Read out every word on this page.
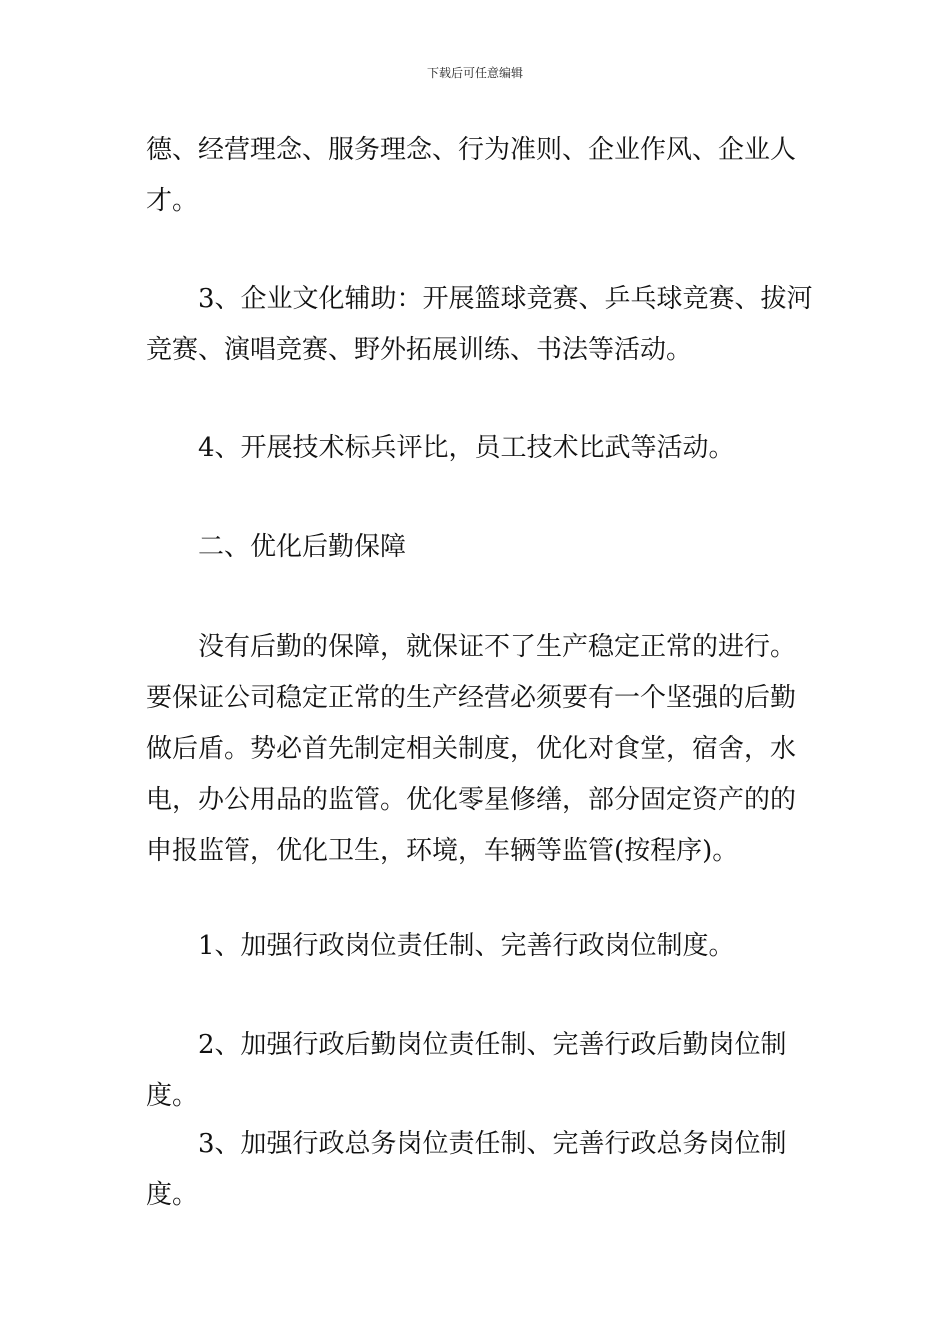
下载后可任意编辑

德、经营理念、服务理念、行为准则、企业作风、企业人才。

3、企业文化辅助：开展篮球竞赛、乒乓球竞赛、拔河竞赛、演唱竞赛、野外拓展训练、书法等活动。

4、开展技术标兵评比，员工技术比武等活动。

二、优化后勤保障

没有后勤的保障，就保证不了生产稳定正常的进行。要保证公司稳定正常的生产经营必须要有一个坚强的后勤做后盾。势必首先制定相关制度，优化对食堂，宿舍，水电，办公用品的监管。优化零星修缮，部分固定资产的的申报监管，优化卫生，环境，车辆等监管(按程序)。

1、加强行政岗位责任制、完善行政岗位制度。

2、加强行政后勤岗位责任制、完善行政后勤岗位制度。

3、加强行政总务岗位责任制、完善行政总务岗位制度。
